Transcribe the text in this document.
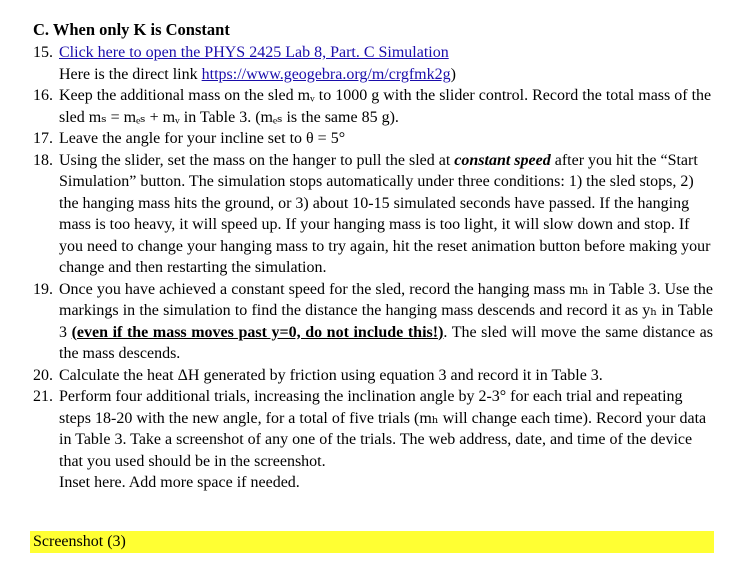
C. When only K is Constant
15. Click here to open the PHYS 2425 Lab 8, Part. C Simulation
Here is the direct link https://www.geogebra.org/m/crgfmk2g)
16. Keep the additional mass on the sled mᵥ to 1000 g with the slider control. Record the total mass of the sled mₛ = mₑₛ + mᵥ in Table 3. (mₑₛ is the same 85 g).
17. Leave the angle for your incline set to θ = 5°
18. Using the slider, set the mass on the hanger to pull the sled at constant speed after you hit the “Start Simulation” button. The simulation stops automatically under three conditions: 1) the sled stops, 2) the hanging mass hits the ground, or 3) about 10-15 simulated seconds have passed. If the hanging mass is too heavy, it will speed up. If your hanging mass is too light, it will slow down and stop. If you need to change your hanging mass to try again, hit the reset animation button before making your change and then restarting the simulation.
19. Once you have achieved a constant speed for the sled, record the hanging mass mₕ in Table 3. Use the markings in the simulation to find the distance the hanging mass descends and record it as yₕ in Table 3 (even if the mass moves past y=0, do not include this!). The sled will move the same distance as the mass descends.
20. Calculate the heat ΔH generated by friction using equation 3 and record it in Table 3.
21. Perform four additional trials, increasing the inclination angle by 2-3° for each trial and repeating steps 18-20 with the new angle, for a total of five trials (mₕ will change each time). Record your data in Table 3. Take a screenshot of any one of the trials. The web address, date, and time of the device that you used should be in the screenshot.
Inset here. Add more space if needed.
Screenshot (3)
